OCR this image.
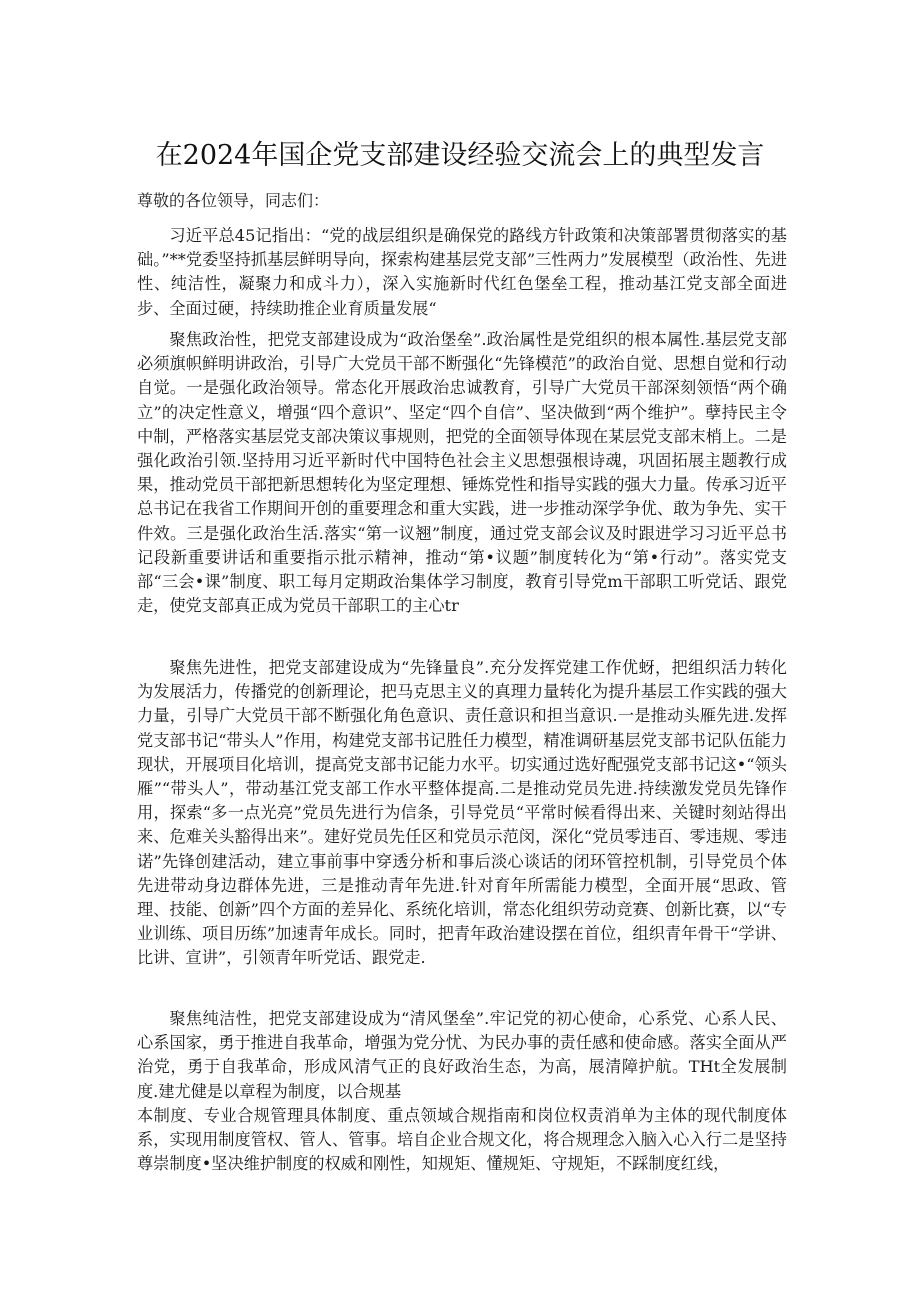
在2024年国企党支部建设经验交流会上的典型发言
尊敬的各位领导，同志们：

习近平总45记指出：“党的战层组织是确保党的路线方针政策和决策部署贯彻落实的基础。”**党委坚持抓基层鲜明导向，探索构建基层党支部”三性两力”发展模型（政治性、先进性、纯洁性，凝聚力和成斗力），深入实施新时代红色堡垒工程，推动基江党支部全面进步、全面过硬，持续助推企业育质量发展“

聚焦政治性，把党支部建设成为“政治堡垒”.政治属性是党组织的根本属性.基层党支部必须旗帜鲜明讲政治，引导广大党员干部不断强化“先锋模范”的政治自觉、思想自觉和行动自觉。一是强化政治领导。常态化开展政治忠诚教育，引导广大党员干部深刻领悟“两个确立”的决定性意义，增强“四个意识”、坚定“四个自信”、坚决做到“两个维护”。孽持民主令中制，严格落实基层党支部决策议事规则，把党的全面领导体现在某层党支部末梢上。二是强化政治引领.坚持用习近平新时代中国特色社会主义思想强根诗魂，巩固拓展主题教行成果，推动党员干部把新思想转化为坚定理想、锤炼党性和指导实践的强大力量。传承习近平总书记在我省工作期间开创的重要理念和重大实践，进一步推动深学争优、敢为争先、实干件效。三是强化政治生活.落实“第一议翘”制度，通过党支部会议及时跟进学习习近平总书记段新重要讲话和重要指示批示精神，推动“第•议题”制度转化为“第•行动”。落实党支部“三会•课”制度、职工每月定期政治集体学习制度，教育引导党m干部职工听党话、跟党走，使党支部真正成为党员干部职工的主心tr

聚焦先进性，把党支部建设成为“先锋量良”.充分发挥党建工作优蚜，把组织活力转化为发展活力，传播党的创新理论，把马克思主义的真理力量转化为提升基层工作实践的强大力量，引导广大党员干部不断强化角色意识、责任意识和担当意识.一是推动头雁先进.发挥党支部书记“带头人”作用，构建党支部书记胜任力模型，精准调研基层党支部书记队伍能力现状，开展项目化培训，提高党支部书记能力水平。切实通过选好配强党支部书记这•“领头雁”“带头人”，带动基江党支部工作水平整体提高.二是推动党员先进.持续激发党员先锋作用，探索“多一点光亮”党员先进行为信条，引导党员“平常时候看得出来、关键时刻站得出来、危难关头豁得出来”。建好党员先任区和党员示范闵，深化“党员零违百、零违规、零违诺”先锋创建活动，建立事前事中穿透分析和事后淡心谈话的闭环管控机制，引导党员个体先进带动身边群体先进，三是推动青年先进.针对育年所需能力模型，全面开展“思政、管理、技能、创新”四个方面的差异化、系统化培训，常态化组织劳动竞赛、创新比赛，以“专业训练、项目历练”加速青年成长。同时，把青年政治建设摆在首位，组织青年骨干“学讲、比讲、宣讲”，引领青年听党话、跟党走.

聚焦纯洁性，把党支部建设成为“清风堡垒”.牢记党的初心使命，心系党、心系人民、心系国家，勇于推进自我革命，增强为党分忧、为民办事的责任感和使命感。落实全面从严治党，勇于自我革命，形成风清气正的良好政治生态，为高，展清障护航。THt全发展制度.建尤健是以章程为制度，以合规基

本制度、专业合规管理具体制度、重点领域合规指南和岗位权责消单为主体的现代制度体系，实现用制度管权、管人、管事。培自企业合规文化，将合规理念入脑入心入行二是坚持尊崇制度•坚决维护制度的权威和刚性，知规矩、懂规矩、守规矩，不踩制度红线，
